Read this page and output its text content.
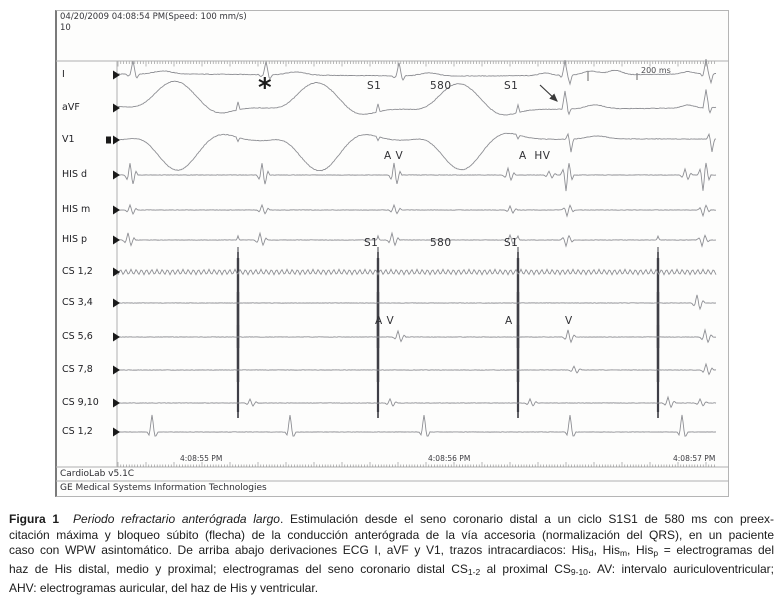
04/20/2009 04:08:54 PM(Speed: 100 mm/s)
10
200 ms
I
aVF
V1
HIS d
HIS m
HIS p
CS 1,2
CS 3,4
CS 5,6
CS 7,8
CS 9,10
CS 1,2
*	S1	580	S1
A V	A  HV
S1	580	S1
A V	A	V
4:08:55 PM	4:08:56 PM	4:08:57 PM
CardioLab v5.1C
GE Medical Systems Information Technologies
Figura 1 Periodo refractario anterógrada largo. Estimulación desde el seno coronario distal a un ciclo S1S1 de 580 ms con preex-
citación máxima y bloqueo súbito (flecha) de la conducción anterógrada de la vía accesoria (normalización del QRS), en un paciente
caso con WPW asintomático. De arriba abajo derivaciones ECG I, aVF y V1, trazos intracardiacos: Hisd, Hism, Hisp = electrogramas del
haz de His distal, medio y proximal; electrogramas del seno coronario distal CS1-2 al proximal CS9-10. AV: intervalo auriculoventricular;
AHV: electrogramas auricular, del haz de His y ventricular.
